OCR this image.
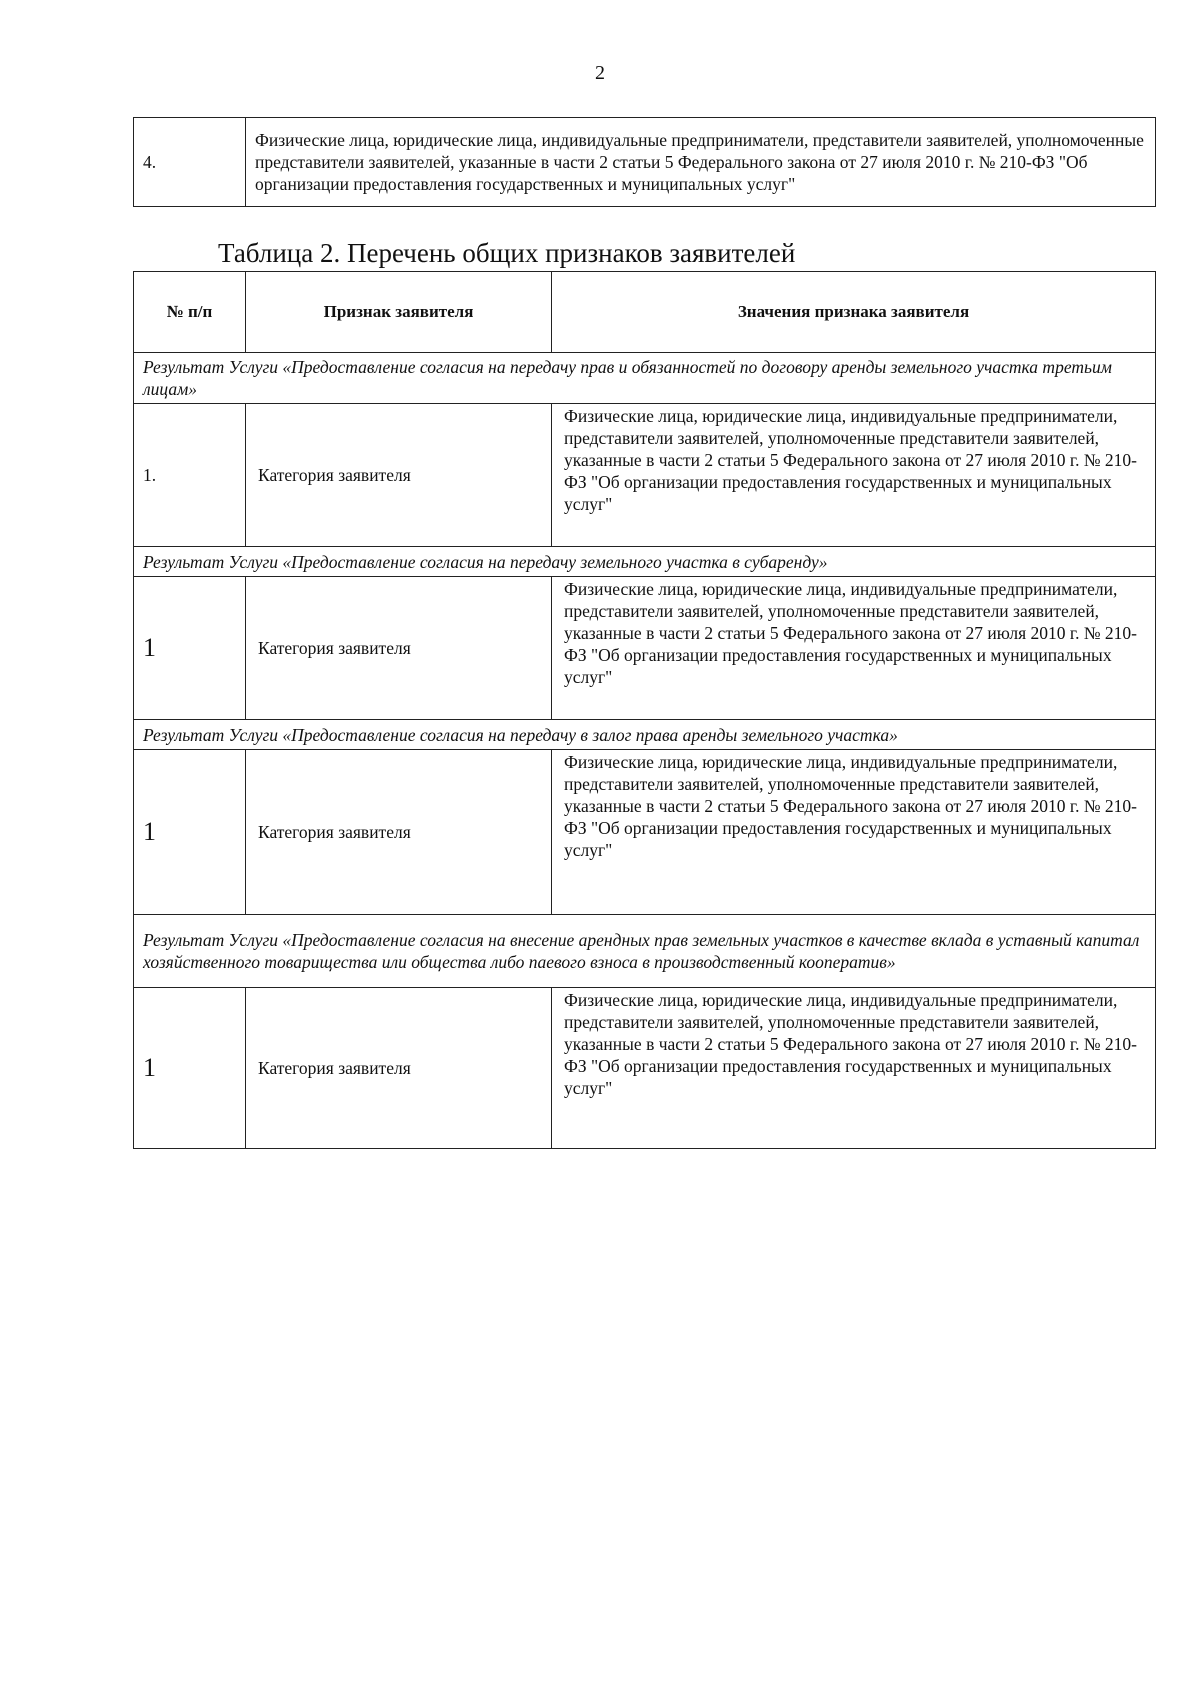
2
4.	Физические лица, юридические лица, индивидуальные предприниматели, представители заявителей, уполномоченные представители заявителей, указанные в части 2 статьи 5 Федерального закона от 27 июля 2010 г. № 210-ФЗ "Об организации предоставления государственных и муниципальных услуг"
Таблица 2. Перечень общих признаков заявителей
№ п/п	Признак заявителя	Значения признака заявителя
Результат Услуги «Предоставление согласия на передачу прав и обязанностей по договору аренды земельного участка третьим лицам»		
1.	Категория заявителя	Физические лица, юридические лица, индивидуальные предприниматели, представители заявителей, уполномоченные представители заявителей, указанные в части 2 статьи 5 Федерального закона от 27 июля 2010 г. № 210-ФЗ "Об организации предоставления государственных и муниципальных услуг"
Результат Услуги «Предоставление согласия на передачу земельного участка в субаренду»		
1	Категория заявителя	Физические лица, юридические лица, индивидуальные предприниматели, представители заявителей, уполномоченные представители заявителей, указанные в части 2 статьи 5 Федерального закона от 27 июля 2010 г. № 210-ФЗ "Об организации предоставления государственных и муниципальных услуг"
Результат Услуги «Предоставление согласия на передачу в залог права аренды земельного участка»		
1	Категория заявителя	Физические лица, юридические лица, индивидуальные предприниматели, представители заявителей, уполномоченные представители заявителей, указанные в части 2 статьи 5 Федерального закона от 27 июля 2010 г. № 210-ФЗ "Об организации предоставления государственных и муниципальных услуг"
Результат Услуги «Предоставление согласия на внесение арендных прав земельных участков в качестве вклада в уставный капитал хозяйственного товарищества или общества либо паевого взноса в производственный кооператив»		
1	Категория заявителя	Физические лица, юридические лица, индивидуальные предприниматели, представители заявителей, уполномоченные представители заявителей, указанные в части 2 статьи 5 Федерального закона от 27 июля 2010 г. № 210-ФЗ "Об организации предоставления государственных и муниципальных услуг"
